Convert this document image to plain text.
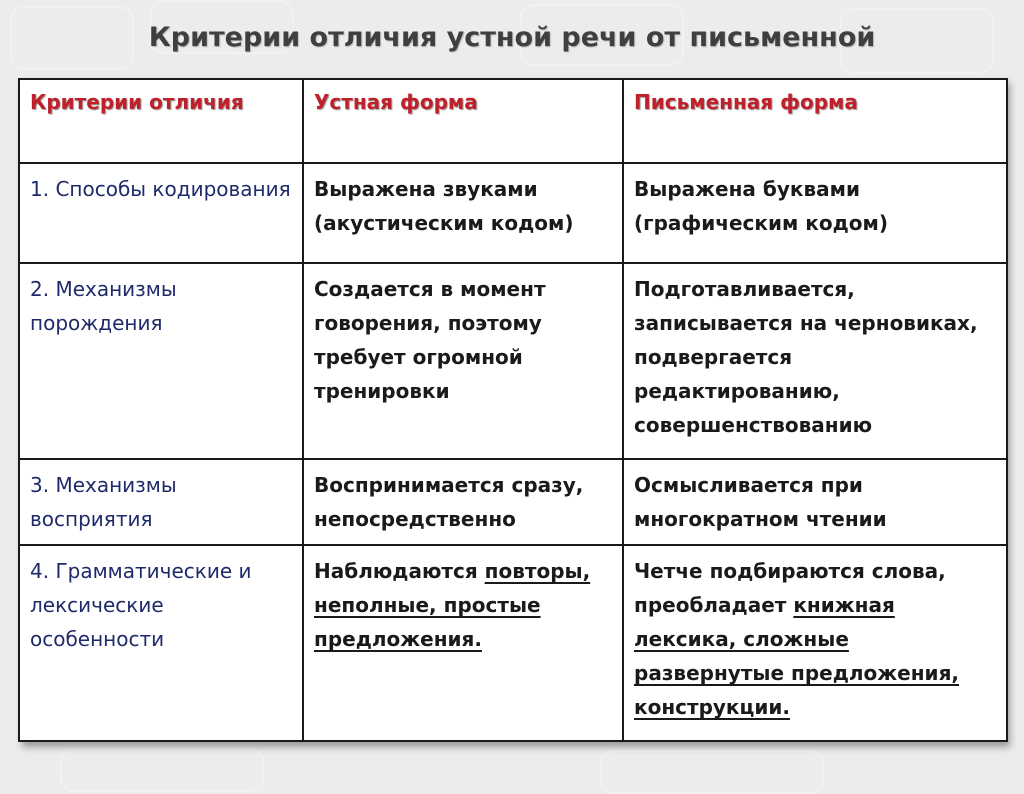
Критерии отличия устной речи от письменной
Критерии отличия	Устная форма	Письменная форма
1. Способы кодирования	Выражена звуками (акустическим кодом)	Выражена буквами (графическим кодом)
2. Механизмы порождения	Создается в момент говорения, поэтому требует огромной тренировки	Подготавливается, записывается на черновиках, подвергается редактированию, совершенствованию
3. Механизмы восприятия	Воспринимается сразу, непосредственно	Осмысливается при многократном чтении
4. Грамматические и лексические особенности	Наблюдаются повторы, неполные, простые предложения.	Четче подбираются слова, преобладает книжная лексика, сложные развернутые предложения, конструкции.
